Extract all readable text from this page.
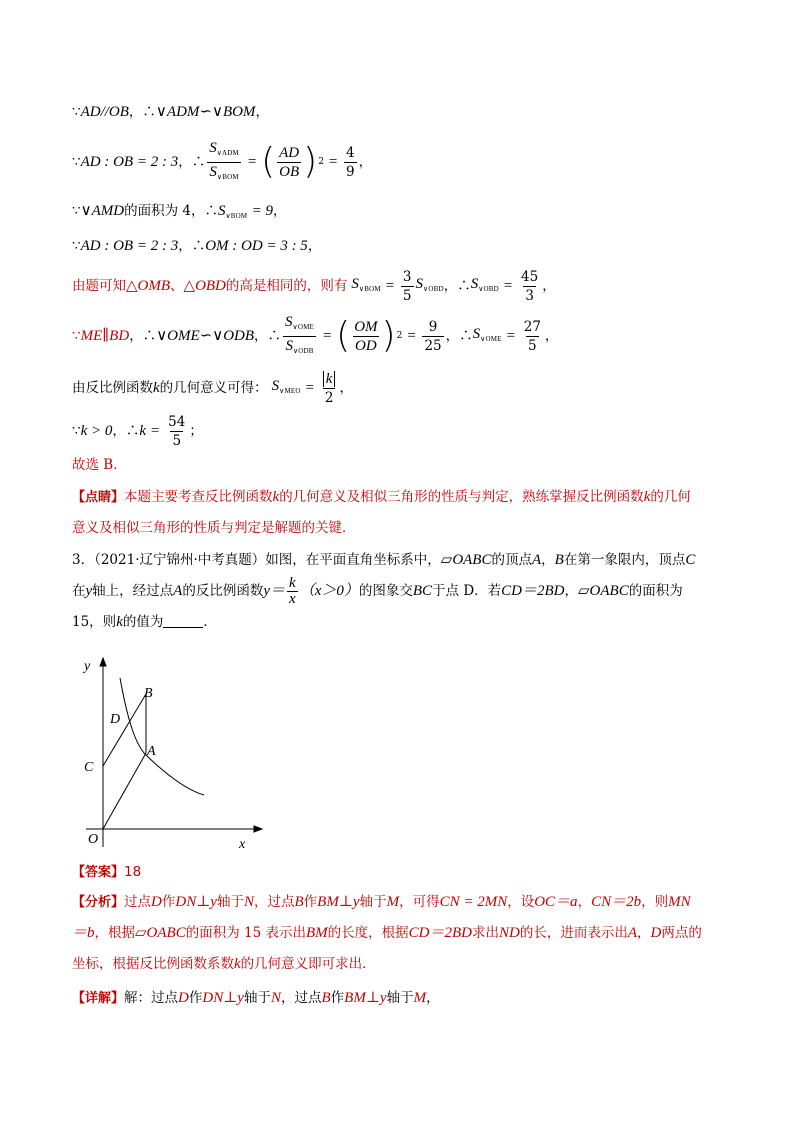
∵AD//OB，∴∨ADM∽∨BOM，
∵ AD : OB = 2 : 3 ，∴ $\frac{S_{\vee ADM}}{S_{\vee BOM}}$ = ( $\frac{AD}{OB}$ ) $2 = \frac{4}{9}$ ，
∵∨AMD的面积为 4，$\therefore S_{\vee BOM} = 9$，
∵AD : OB = 2 : 3，∴OM : OD = 3 : 5，
由题可知 △OMB 、 △OBD 的高是相同的，则有 $S_{\vee BOM} = \frac{3}{5} S_{\vee OBD}$ ，∴ $S_{\vee OBD} = \frac{45}{3}$ ，
∵ ME∥BD ，∴ ∨OME∽∨ODB ，∴ $\frac{S_{\vee OME}}{S_{\vee ODB}}$ = ( $\frac{OM}{OD}$ ) $2 = \frac{9}{25}$ ，∴ $S_{\vee OME} = \frac{27}{5}$ ，
由反比例函数 k 的几何意义可得： $S_{\vee MEO} = \frac{k}{2}$ ，
∵ k > 0 ，∴ $k = \frac{54}{5}$ ；
故选 B．
【点睛】本题主要考查反比例函数k的几何意义及相似三角形的性质与判定，熟练掌握反比例函数k的几何
意义及相似三角形的性质与判定是解题的关键．
3．（2021·辽宁锦州·中考真题）如图，在平面直角坐标系中，▱OABC的顶点A，B在第一象限内，顶点C
在y轴上，经过点A的反比例函数$y= \frac{k}{x} (x>0)$的图象交BC于点 D．若CD＝2BD，▱OABC的面积为
15，则k的值为	．
y
x
O
B
D
A
C
【答案】18
【分析】过点D作DN⊥y轴于N，过点B作BM⊥y轴于M，可得CN = 2MN，设OC＝a，CN＝2b，则MN
＝b，根据▱OABC的面积为 15 表示出BM的长度，根据CD＝2BD求出ND的长，进而表示出A，D两点的
坐标，根据反比例函数系数k的几何意义即可求出．
【详解】解：过点D作DN⊥y轴于N，过点B作BM⊥y轴于M，
